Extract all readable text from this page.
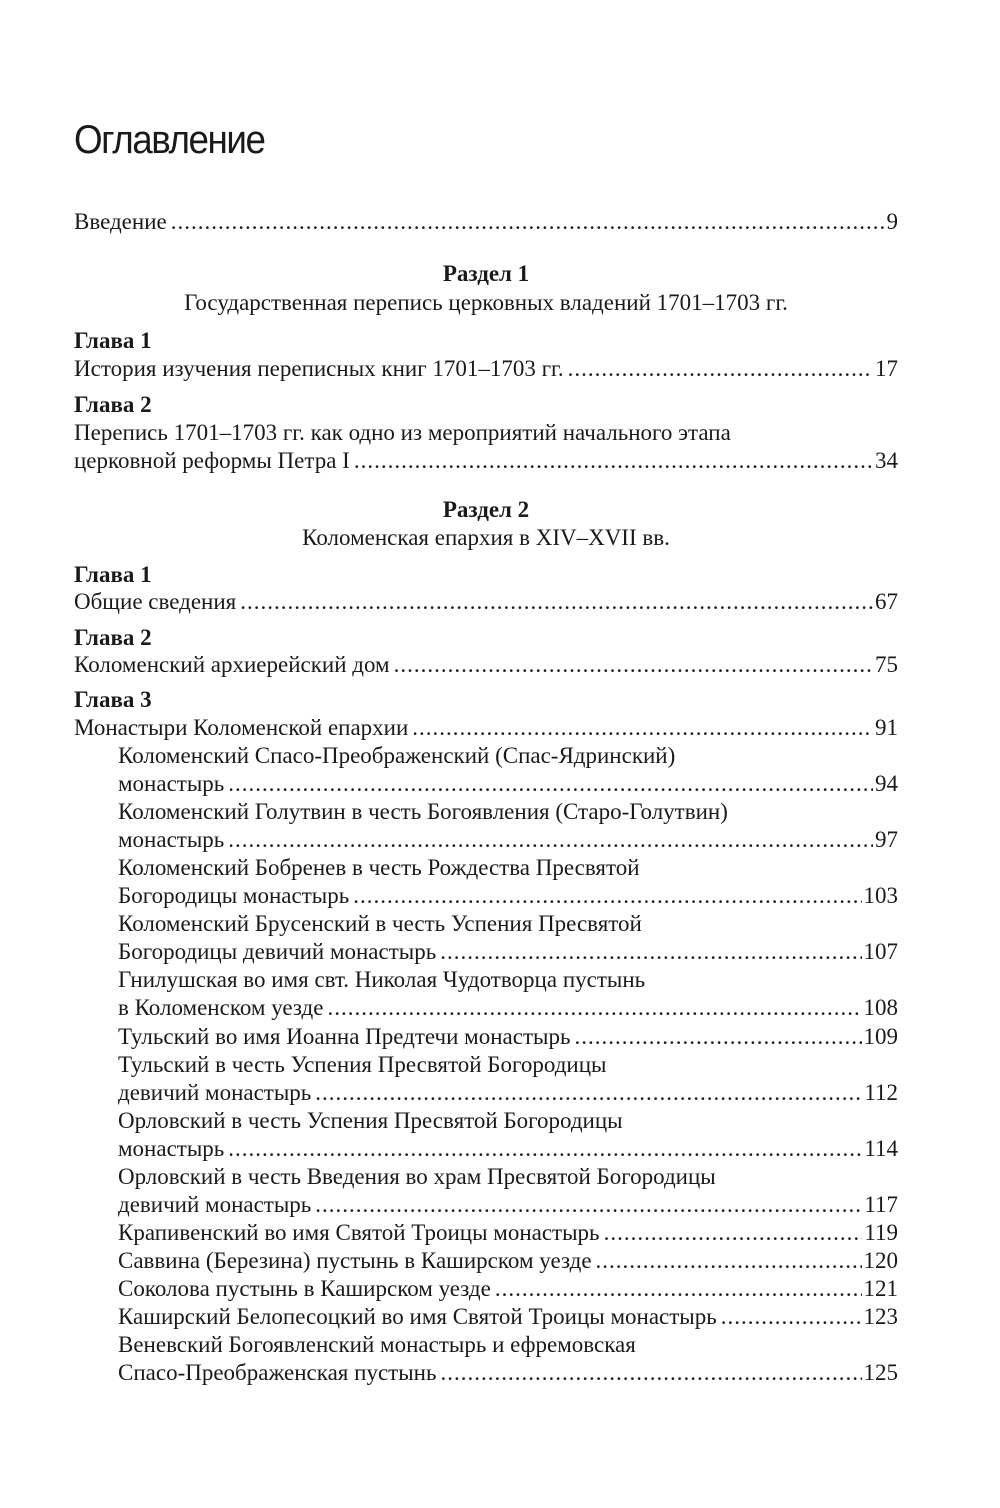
Оглавление
Введение .....	9
Раздел 1
Государственная перепись церковных владений 1701–1703 гг.
Глава 1
История изучения переписных книг 1701–1703 гг. .....	17
Глава 2
Перепись 1701–1703 гг. как одно из мероприятий начального этапа
церковной реформы Петра I .....	34
Раздел 2
Коломенская епархия в XIV–XVII вв.
Глава 1
Общие сведения .....	67
Глава 2
Коломенский архиерейский дом .....	75
Глава 3
Монастыри Коломенской епархии .....	91
Коломенский Спасо-Преображенский (Спас-Ядринский)
монастырь .....	94
Коломенский Голутвин в честь Богоявления (Старо-Голутвин)
монастырь .....	97
Коломенский Бобренев в честь Рождества Пресвятой
Богородицы монастырь .....	103
Коломенский Брусенский в честь Успения Пресвятой
Богородицы девичий монастырь .....	107
Гнилушская во имя свт. Николая Чудотворца пустынь
в Коломенском уезде .....	108
Тульский во имя Иоанна Предтечи монастырь .....	109
Тульский в честь Успения Пресвятой Богородицы
девичий монастырь .....	112
Орловский в честь Успения Пресвятой Богородицы
монастырь .....	114
Орловский в честь Введения во храм Пресвятой Богородицы
девичий монастырь .....	117
Крапивенский во имя Святой Троицы монастырь .....	119
Саввина (Березина) пустынь в Каширском уезде .....	120
Соколова пустынь в Каширском уезде .....	121
Каширский Белопесоцкий во имя Святой Троицы монастырь .....	123
Веневский Богоявленский монастырь и ефремовская
Спасо-Преображенская пустынь .....	125
